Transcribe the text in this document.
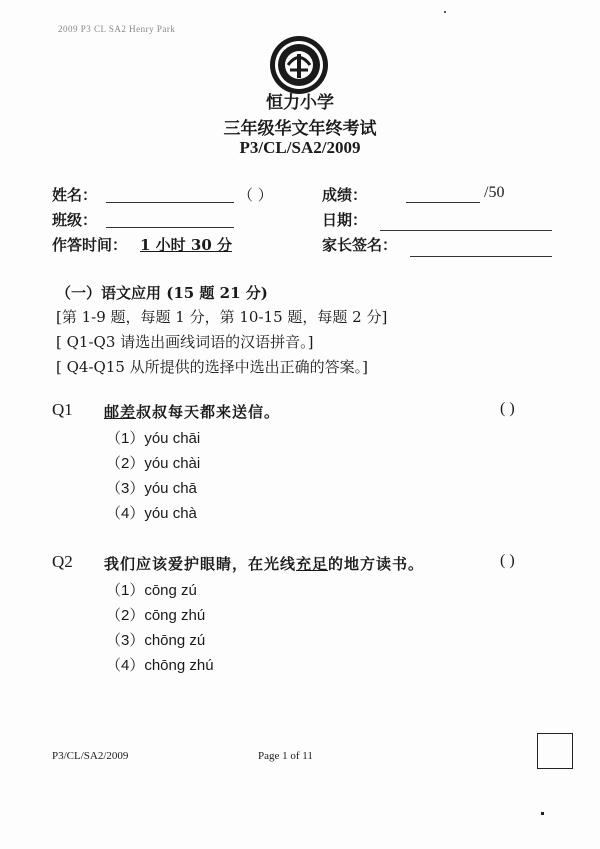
2009 P3 CL SA2 Henry Park
恒力小学
三年级华文年终考试
P3/CL/SA2/2009
姓名：	（ ）	成绩：	/50
班级：	日期：
作答时间： 1 小时 30 分	家长签名：
（一）语文应用 (15 题 21 分)
[第 1-9 题，每题 1 分，第 10-15 题，每题 2 分]
[ Q1-Q3 请选出画线词语的汉语拼音。]
[ Q4-Q15 从所提供的选择中选出正确的答案。]
Q1 邮差叔叔每天都来送信。	( )
（1）yóu chāi
（2）yóu chài
（3）yóu chā
（4）yóu chà
Q2 我们应该爱护眼睛，在光线充足的地方读书。	( )
（1）cōng zú
（2）cōng zhú
（3）chōng zú
（4）chōng zhú
P3/CL/SA2/2009	Page 1 of 11
